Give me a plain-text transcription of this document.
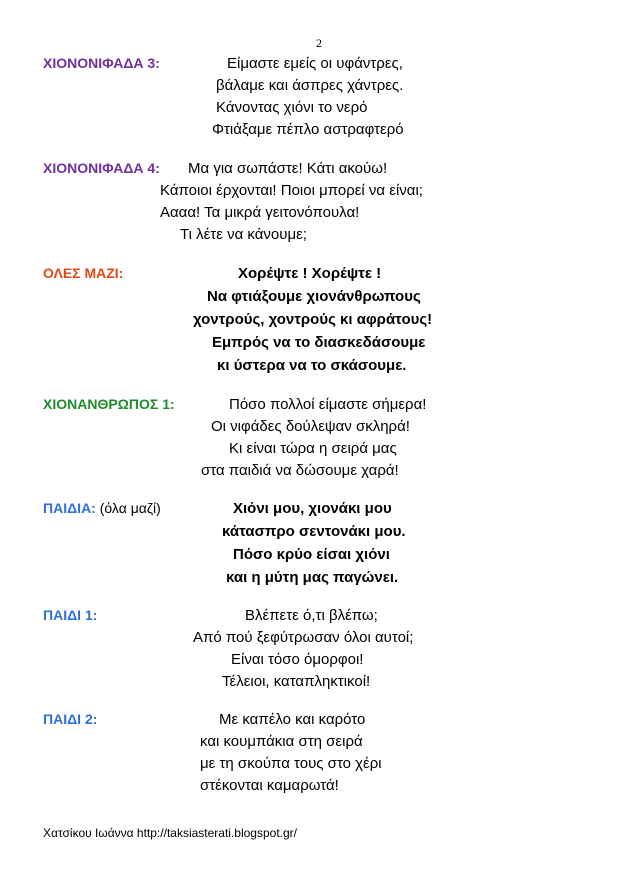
2
ΧΙΟΝΟΝΙΦΑΔΑ 3:	Είμαστε εμείς οι υφάντρες,
βάλαμε και άσπρες χάντρες.
Κάνοντας χιόνι το νερό
Φτιάξαμε πέπλο αστραφτερό
ΧΙΟΝΟΝΙΦΑΔΑ 4: Μα για σωπάστε! Κάτι ακούω!
Κάποιοι έρχονται! Ποιοι μπορεί να είναι;
Αααα! Τα μικρά γειτονόπουλα!
Τι λέτε να κάνουμε;
ΟΛΕΣ ΜΑΖΙ:	Χορέψτε ! Χορέψτε !
Να φτιάξουμε χιονάνθρωπους
χοντρούς, χοντρούς κι αφράτους!
Εμπρός να το διασκεδάσουμε
κι ύστερα να το σκάσουμε.
ΧΙΟΝΑΝΘΡΩΠΟΣ 1:	Πόσο πολλοί είμαστε σήμερα!
Οι νιφάδες δούλεψαν σκληρά!
Κι είναι τώρα η σειρά μας
στα παιδιά να δώσουμε χαρά!
ΠΑΙΔΙΑ: (όλα μαζί)	Χιόνι μου, χιονάκι μου
κάτασπρο σεντονάκι μου.
Πόσο κρύο είσαι χιόνι
και η μύτη μας παγώνει.
ΠΑΙΔΙ 1:	Βλέπετε ό,τι βλέπω;
Από πού ξεφύτρωσαν όλοι αυτοί;
Είναι τόσο όμορφοι!
Τέλειοι, καταπληκτικοί!
ΠΑΙΔΙ 2:	Με καπέλο και καρότο
και κουμπάκια στη σειρά
με τη σκούπα τους στο χέρι
στέκονται καμαρωτά!
Χατσίκου Ιωάννα http://taksiasterati.blogspot.gr/
